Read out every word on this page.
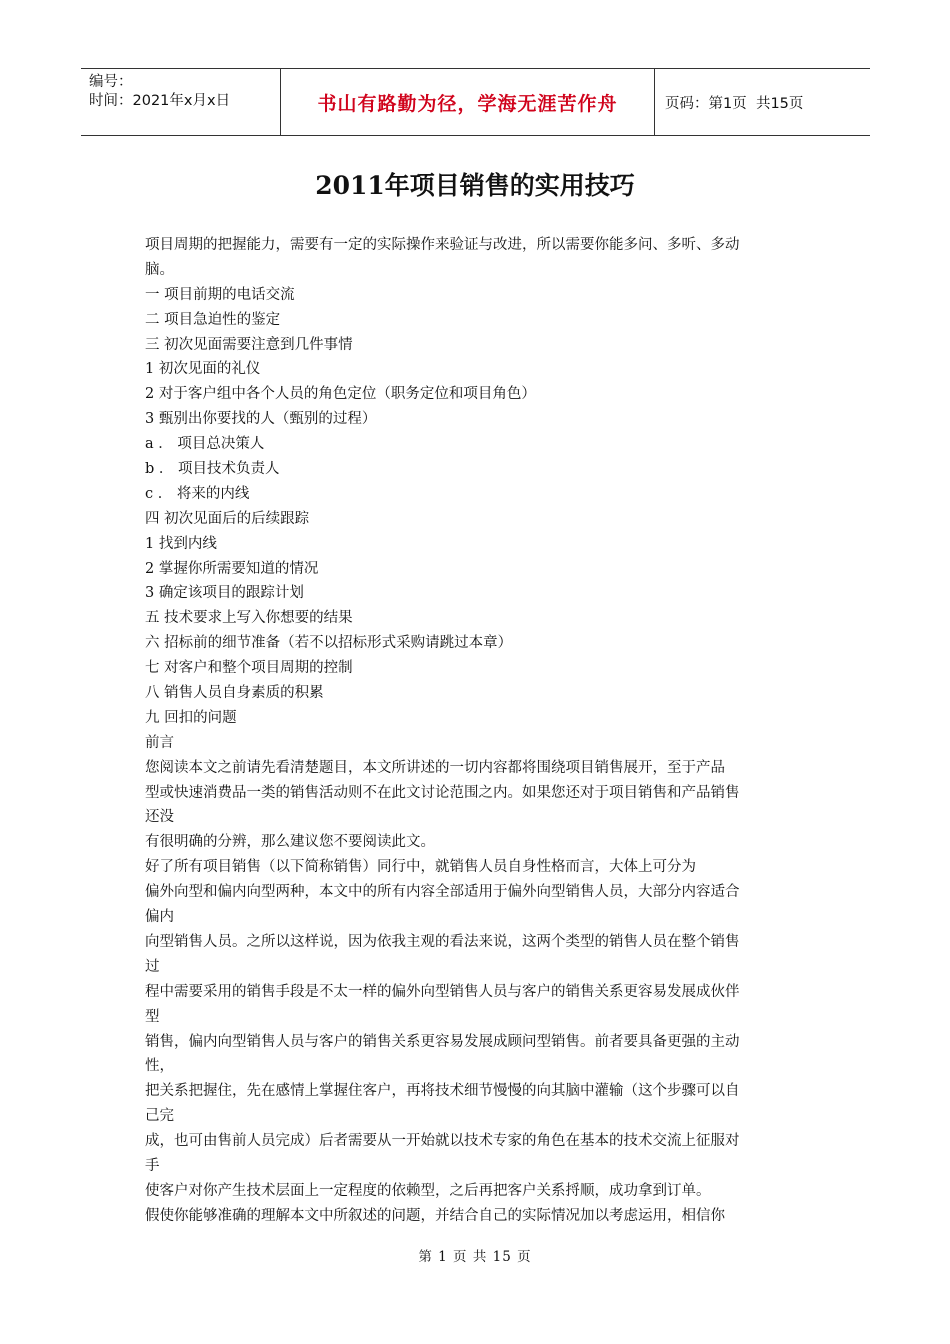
编号：
时间：2021年x月x日	书山有路勤为径，学海无涯苦作舟	页码：第1页  共15页
2011年项目销售的实用技巧
项目周期的把握能力，需要有一定的实际操作来验证与改进，所以需要你能多问、多听、多动
脑。
一 项目前期的电话交流
二 项目急迫性的鉴定
三 初次见面需要注意到几件事情
1 初次见面的礼仪
2 对于客户组中各个人员的角色定位（职务定位和项目角色）
3 甄别出你要找的人（甄别的过程）
a ． 项目总决策人
b ． 项目技术负责人
c ． 将来的内线
四 初次见面后的后续跟踪
1 找到内线
2 掌握你所需要知道的情况
3 确定该项目的跟踪计划
五 技术要求上写入你想要的结果
六 招标前的细节准备（若不以招标形式采购请跳过本章）
七 对客户和整个项目周期的控制
八 销售人员自身素质的积累
九 回扣的问题
前言
您阅读本文之前请先看清楚题目，本文所讲述的一切内容都将围绕项目销售展开，至于产品
型或快速消费品一类的销售活动则不在此文讨论范围之内。如果您还对于项目销售和产品销售
还没
有很明确的分辨，那么建议您不要阅读此文。
好了所有项目销售（以下简称销售）同行中，就销售人员自身性格而言，大体上可分为
偏外向型和偏内向型两种，本文中的所有内容全部适用于偏外向型销售人员，大部分内容适合
偏内
向型销售人员。之所以这样说，因为依我主观的看法来说，这两个类型的销售人员在整个销售
过
程中需要采用的销售手段是不太一样的偏外向型销售人员与客户的销售关系更容易发展成伙伴
型
销售，偏内向型销售人员与客户的销售关系更容易发展成顾问型销售。前者要具备更强的主动
性，
把关系把握住，先在感情上掌握住客户，再将技术细节慢慢的向其脑中灌输（这个步骤可以自
己完
成，也可由售前人员完成）后者需要从一开始就以技术专家的角色在基本的技术交流上征服对
手
使客户对你产生技术层面上一定程度的依赖型，之后再把客户关系捋顺，成功拿到订单。
假使你能够准确的理解本文中所叙述的问题，并结合自己的实际情况加以考虑运用，相信你
第 1 页 共 15 页
